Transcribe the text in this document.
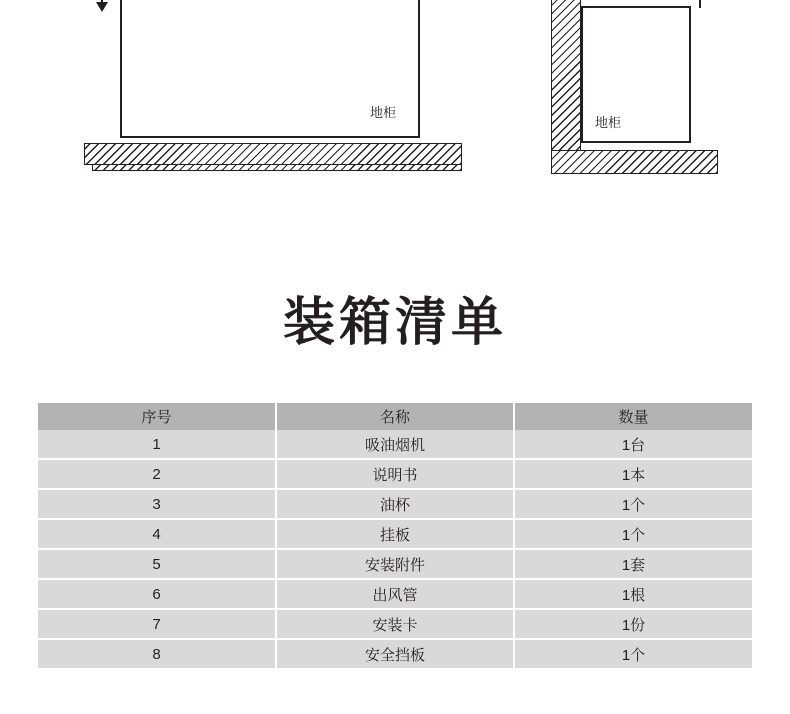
地柜
地柜
装箱清单
序号	名称	数量
1	吸油烟机	1台
2	说明书	1本
3	油杯	1个
4	挂板	1个
5	安装附件	1套
6	出风管	1根
7	安装卡	1份
8	安全挡板	1个
